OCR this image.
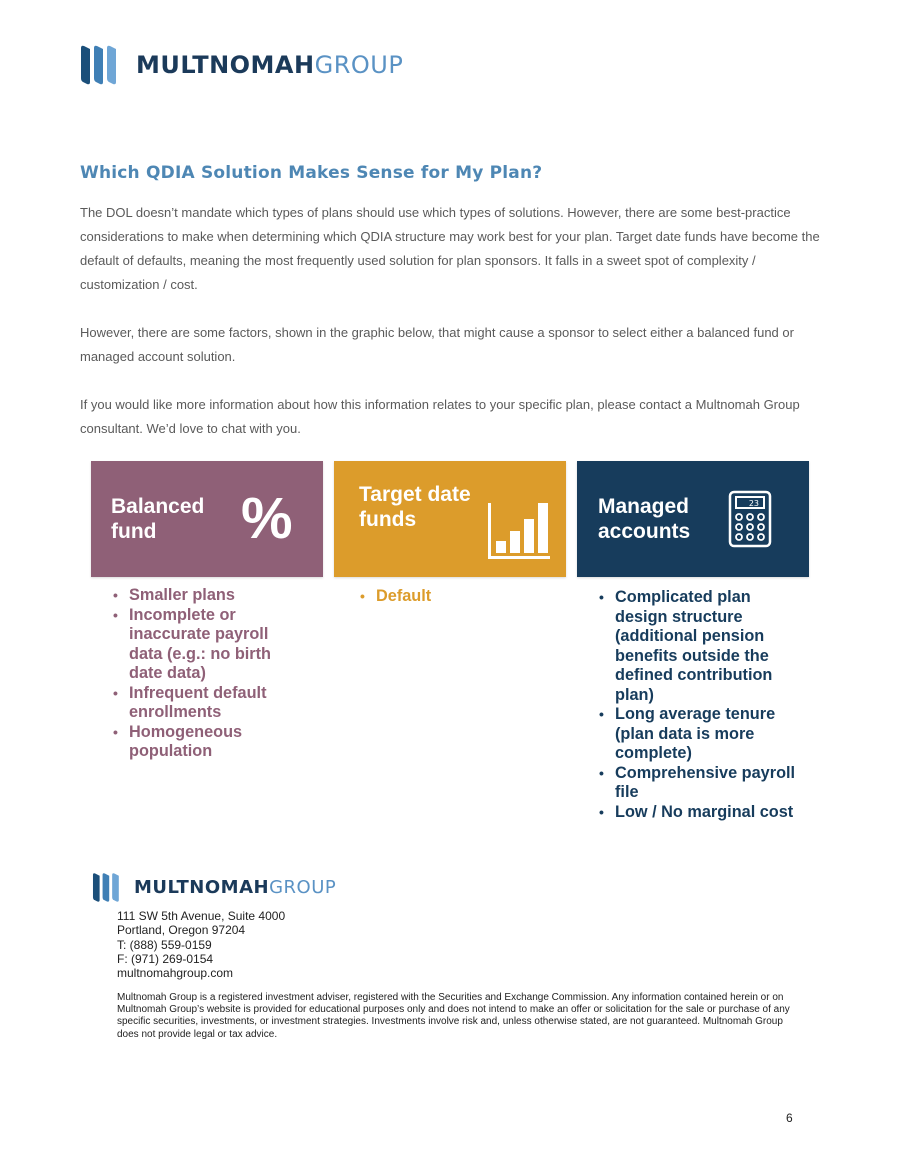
MULTNOMAHGROUP
Which QDIA Solution Makes Sense for My Plan?
The DOL doesn’t mandate which types of plans should use which types of solutions. However, there are some best-practice considerations to make when determining which QDIA structure may work best for your plan. Target date funds have become the default of defaults, meaning the most frequently used solution for plan sponsors. It falls in a sweet spot of complexity / customization / cost.
However, there are some factors, shown in the graphic below, that might cause a sponsor to select either a balanced fund or managed account solution.
If you would like more information about how this information relates to your specific plan, please contact a Multnomah Group consultant. We’d love to chat with you.
Balanced
fund	%	Target date
funds
Managed
accounts
23
• Smaller plans
• Incomplete or inaccurate payroll data (e.g.: no birth date data)
• Infrequent default enrollments
• Homogeneous population
• Default
•	Complicated plan design structure (additional pension benefits outside the defined contribution plan)
• Long average tenure (plan data is more complete)
• Comprehensive payroll file
• Low / No marginal cost
MULTNOMAHGROUP
111 SW 5th Avenue, Suite 4000
Portland, Oregon 97204
T: (888) 559-0159
F: (971) 269-0154
multnomahgroup.com
Multnomah Group is a registered investment adviser, registered with the Securities and Exchange Commission. Any information contained herein or on Multnomah Group’s website is provided for educational purposes only and does not intend to make an offer or solicitation for the sale or purchase of any specific securities, investments, or investment strategies. Investments involve risk and, unless otherwise stated, are not guaranteed. Multnomah Group does not provide legal or tax advice.
6
